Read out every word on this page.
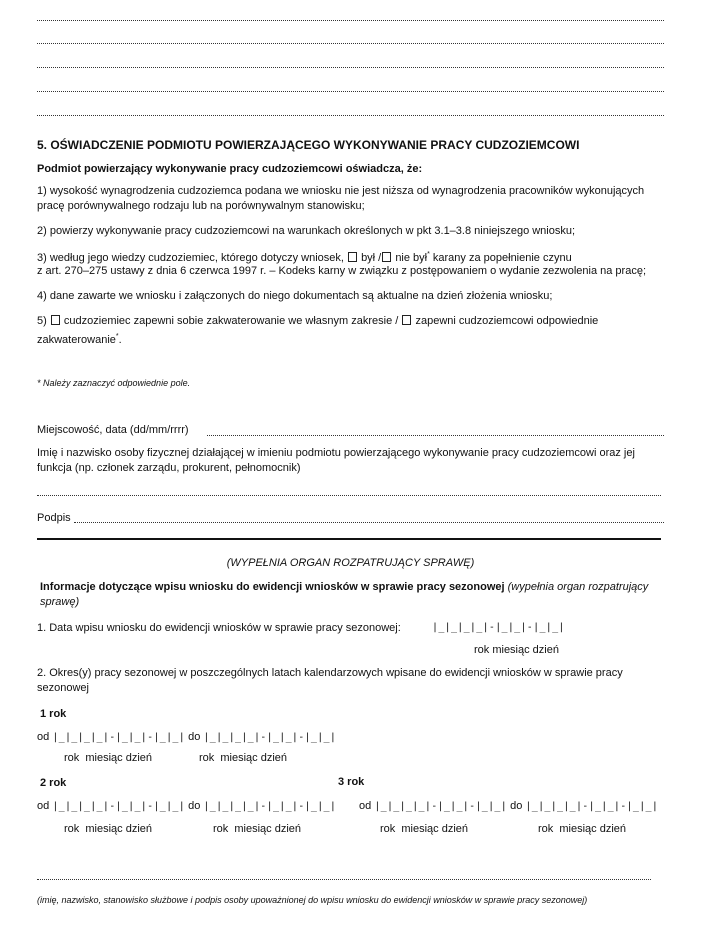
5. OŚWIADCZENIE PODMIOTU POWIERZAJĄCEGO WYKONYWANIE PRACY CUDZOZIEMCOWI
Podmiot powierzający wykonywanie pracy cudzoziemcowi oświadcza, że:
1) wysokość wynagrodzenia cudzoziemca podana we wniosku nie jest niższa od wynagrodzenia pracowników wykonujących pracę porównywalnego rodzaju lub na porównywalnym stanowisku;
2) powierzy wykonywanie pracy cudzoziemcowi na warunkach określonych w pkt 3.1–3.8 niniejszego wniosku;
3) według jego wiedzy cudzoziemiec, którego dotyczy wniosek, był / nie był* karany za popełnienie czynu
z art. 270–275 ustawy z dnia 6 czerwca 1997 r. – Kodeks karny w związku z postępowaniem o wydanie zezwolenia na pracę;
4) dane zawarte we wniosku i załączonych do niego dokumentach są aktualne na dzień złożenia wniosku;
5) cudzoziemiec zapewni sobie zakwaterowanie we własnym zakresie / zapewni cudzoziemcowi odpowiednie
zakwaterowanie*.
* Należy zaznaczyć odpowiednie pole.
Miejscowość, data (dd/mm/rrrr)
Imię i nazwisko osoby fizycznej działającej w imieniu podmiotu powierzającego wykonywanie pracy cudzoziemcowi oraz jej funkcja (np. członek zarządu, prokurent, pełnomocnik)
Podpis
(WYPEŁNIA ORGAN ROZPATRUJĄCY SPRAWĘ)
Informacje dotyczące wpisu wniosku do ewidencji wniosków w sprawie pracy sezonowej (wypełnia organ rozpatrujący sprawę)
1. Data wpisu wniosku do ewidencji wniosków w sprawie pracy sezonowej:	|_|_|_|_|-|_|_|-|_|_|
rok miesiąc dzień
2. Okres(y) pracy sezonowej w poszczególnych latach kalendarzowych wpisane do ewidencji wniosków w sprawie pracy sezonowej
1 rok
od |_|_|_|_|-|_|_|-|_|_| do |_|_|_|_|-|_|_|-|_|_|
rok  miesiąc dzień	rok  miesiąc dzień
2 rok	3 rok
od |_|_|_|_|-|_|_|-|_|_| do |_|_|_|_|-|_|_|-|_|_| od |_|_|_|_|-|_|_|-|_|_| do |_|_|_|_|-|_|_|-|_|_|
rok  miesiąc dzień	rok  miesiąc dzień	rok  miesiąc dzień	rok  miesiąc dzień
(imię, nazwisko, stanowisko służbowe i podpis osoby upoważnionej do wpisu wniosku do ewidencji wniosków w sprawie pracy sezonowej)
